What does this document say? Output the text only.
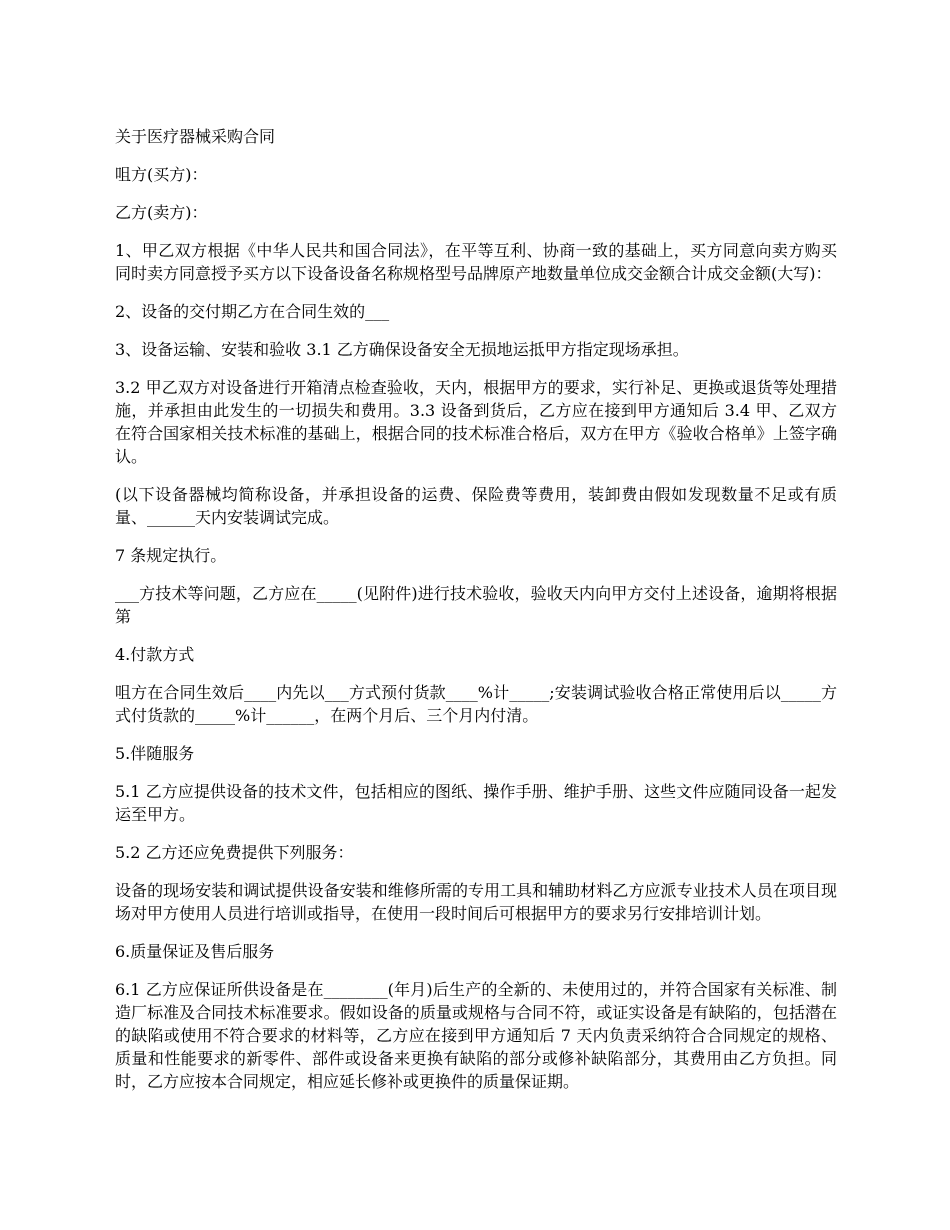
关于医疗器械采购合同

咀方(买方)：

乙方(卖方)：

1、甲乙双方根据《中华人民共和国合同法》，在平等互利、协商一致的基础上，买方同意向卖方购买同时卖方同意授予买方以下设备设备名称规格型号品牌原产地数量单位成交金额合计成交金额(大写)：

2、设备的交付期乙方在合同生效的___

3、设备运输、安装和验收 3.1 乙方确保设备安全无损地运抵甲方指定现场承担。

3.2 甲乙双方对设备进行开箱清点检查验收，天内，根据甲方的要求，实行补足、更换或退货等处理措施，并承担由此发生的一切损失和费用。3.3 设备到货后，乙方应在接到甲方通知后 3.4 甲、乙双方在符合国家相关技术标准的基础上，根据合同的技术标准合格后，双方在甲方《验收合格单》上签字确认。

(以下设备器械均简称设备，并承担设备的运费、保险费等费用，装卸费由假如发现数量不足或有质量、______天内安装调试完成。

7 条规定执行。

___方技术等问题，乙方应在_____(见附件)进行技术验收，验收天内向甲方交付上述设备，逾期将根据第

4.付款方式

咀方在合同生效后____内先以___方式预付货款____%计_____;安装调试验收合格正常使用后以_____方式付货款的_____%计______，在两个月后、三个月内付清。

5.伴随服务

5.1 乙方应提供设备的技术文件，包括相应的图纸、操作手册、维护手册、这些文件应随同设备一起发运至甲方。

5.2 乙方还应免费提供下列服务：

设备的现场安装和调试提供设备安装和维修所需的专用工具和辅助材料乙方应派专业技术人员在项目现场对甲方使用人员进行培训或指导，在使用一段时间后可根据甲方的要求另行安排培训计划。

6.质量保证及售后服务

6.1 乙方应保证所供设备是在________(年月)后生产的全新的、未使用过的，并符合国家有关标准、制造厂标准及合同技术标准要求。假如设备的质量或规格与合同不符，或证实设备是有缺陷的，包括潜在的缺陷或使用不符合要求的材料等，乙方应在接到甲方通知后 7 天内负责采纳符合合同规定的规格、质量和性能要求的新零件、部件或设备来更换有缺陷的部分或修补缺陷部分，其费用由乙方负担。同时，乙方应按本合同规定，相应延长修补或更换件的质量保证期。
